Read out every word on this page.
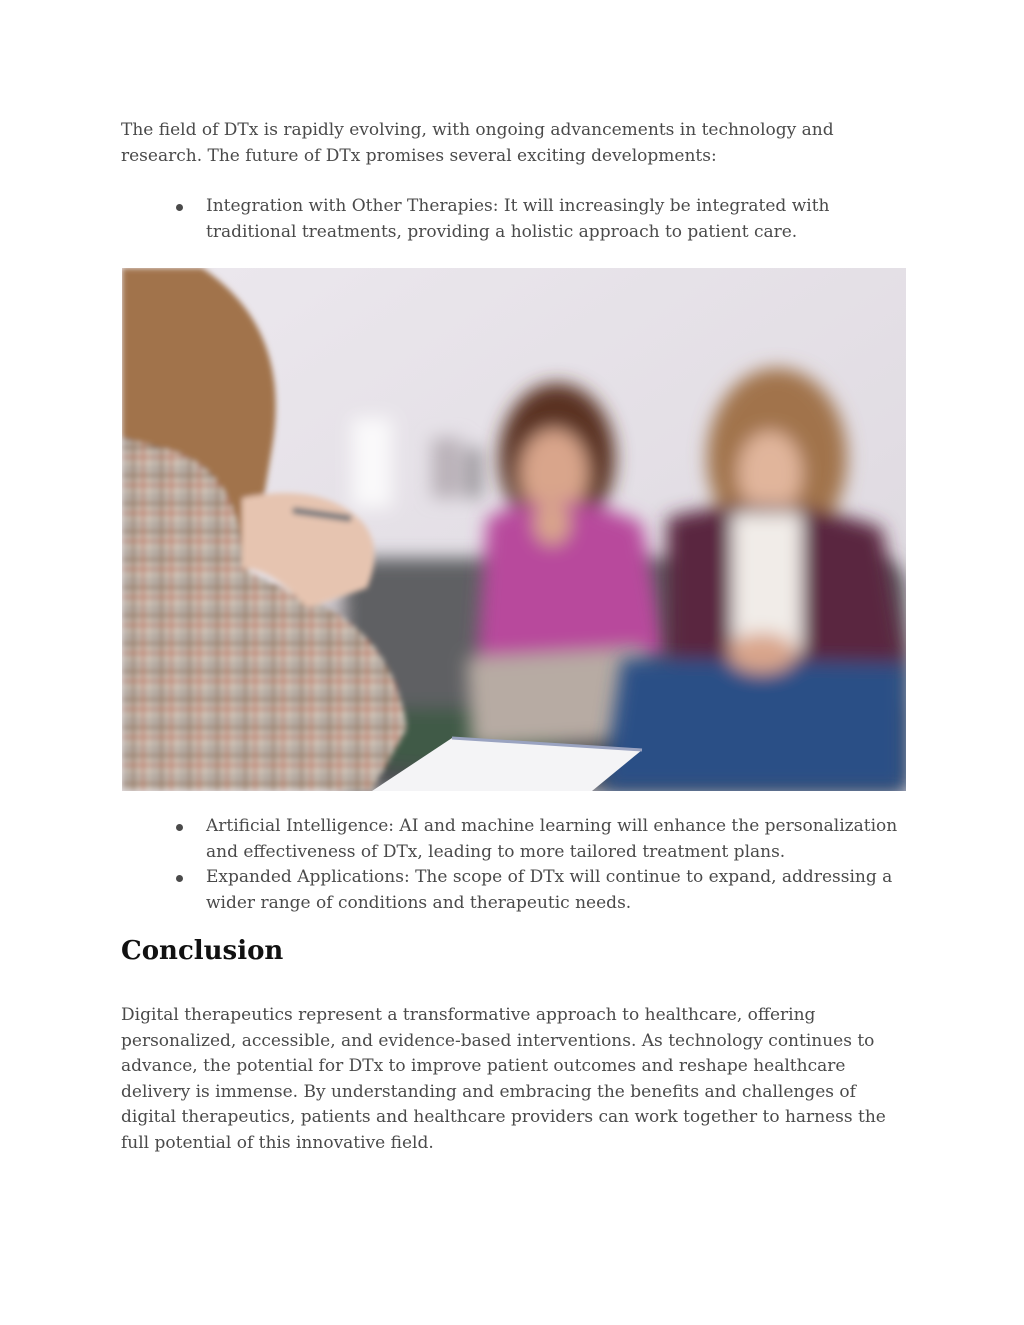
The field of DTx is rapidly evolving, with ongoing advancements in technology and research. The future of DTx promises several exciting developments:

Integration with Other Therapies: It will increasingly be integrated with traditional treatments, providing a holistic approach to patient care.
Artificial Intelligence: AI and machine learning will enhance the personalization and effectiveness of DTx, leading to more tailored treatment plans.
Expanded Applications: The scope of DTx will continue to expand, addressing a wider range of conditions and therapeutic needs.
Conclusion

Digital therapeutics represent a transformative approach to healthcare, offering personalized, accessible, and evidence-based interventions. As technology continues to advance, the potential for DTx to improve patient outcomes and reshape healthcare delivery is immense. By understanding and embracing the benefits and challenges of digital therapeutics, patients and healthcare providers can work together to harness the full potential of this innovative field.
